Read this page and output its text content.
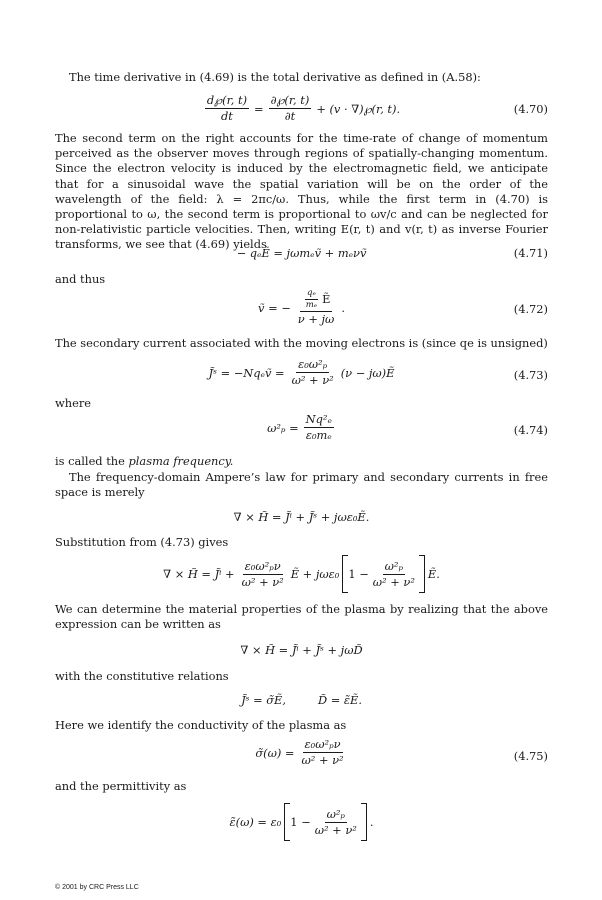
The time derivative in (4.69) is the total derivative as defined in (A.58):
$\frac{d℘(r, t)}{dt} = \frac{\partial℘(r, t)}{\partial t} + (v$ · ∇)℘(r, t).	(4.70)
The second term on the right accounts for the time-rate of change of momentum perceived as the observer moves through regions of spatially-changing momentum. Since the electron velocity is induced by the electromagnetic field, we anticipate that for a sinusoidal wave the spatial variation will be on the order of the wavelength of the field: λ = 2πc/ω. Thus, while the first term in (4.70) is proportional to ω, the second term is proportional to ωv/c and can be neglected for non-relativistic particle velocities. Then, writing E(r, t) and v(r, t) as inverse Fourier transforms, we see that (4.69) yields
− qₑẼ = jωmₑṽ + mₑνṽ	(4.71)
and thus
ṽ = − $\frac{\frac{\text{qₑ}}{\text{mₑ}} Ẽ}{\nu + j\omega}$ .	(4.72)
The secondary current associated with the moving electrons is (since qe is unsigned)
J̃ˢ = −Nqₑṽ = $\frac{\text{ε₀ω²ₚ}}{\text{ω² + ν²}} (\nu$ − jω)Ẽ	(4.73)
where
$\omega^2_p = \frac{\text{Nq²ₑ}}{\text{ε₀mₑ}}$	(4.74)
is called the plasma frequency.
The frequency-domain Ampere’s law for primary and secondary currents in free space is merely
∇ × H̃ = J̃ⁱ + J̃ˢ + jωε₀Ẽ.
Substitution from (4.73) gives
∇ × H̃ = J̃ⁱ + $\frac{\text{ε₀ω²ₚν}}{\text{ω² + ν²}}$ Ẽ + jωε₀ $1 - \frac{\text{ω²ₚ}}{\text{ω² + ν²}}$ Ẽ.
We can determine the material properties of the plasma by realizing that the above expression can be written as
∇ × H̃ = J̃ⁱ + J̃ˢ + jωD̃
with the constitutive relations
J̃ˢ = σ̃Ẽ,	D̃ = ε̃Ẽ.
Here we identify the conductivity of the plasma as
σ̃(ω) = $\frac{\text{ε₀ω²ₚν}}{\text{ω² + ν²}}$	(4.75)
and the permittivity as
ε̃(ω) = ε₀ $1 - \frac{\text{ω²ₚ}}{\text{ω² + ν²}}$ .
© 2001 by CRC Press LLC
